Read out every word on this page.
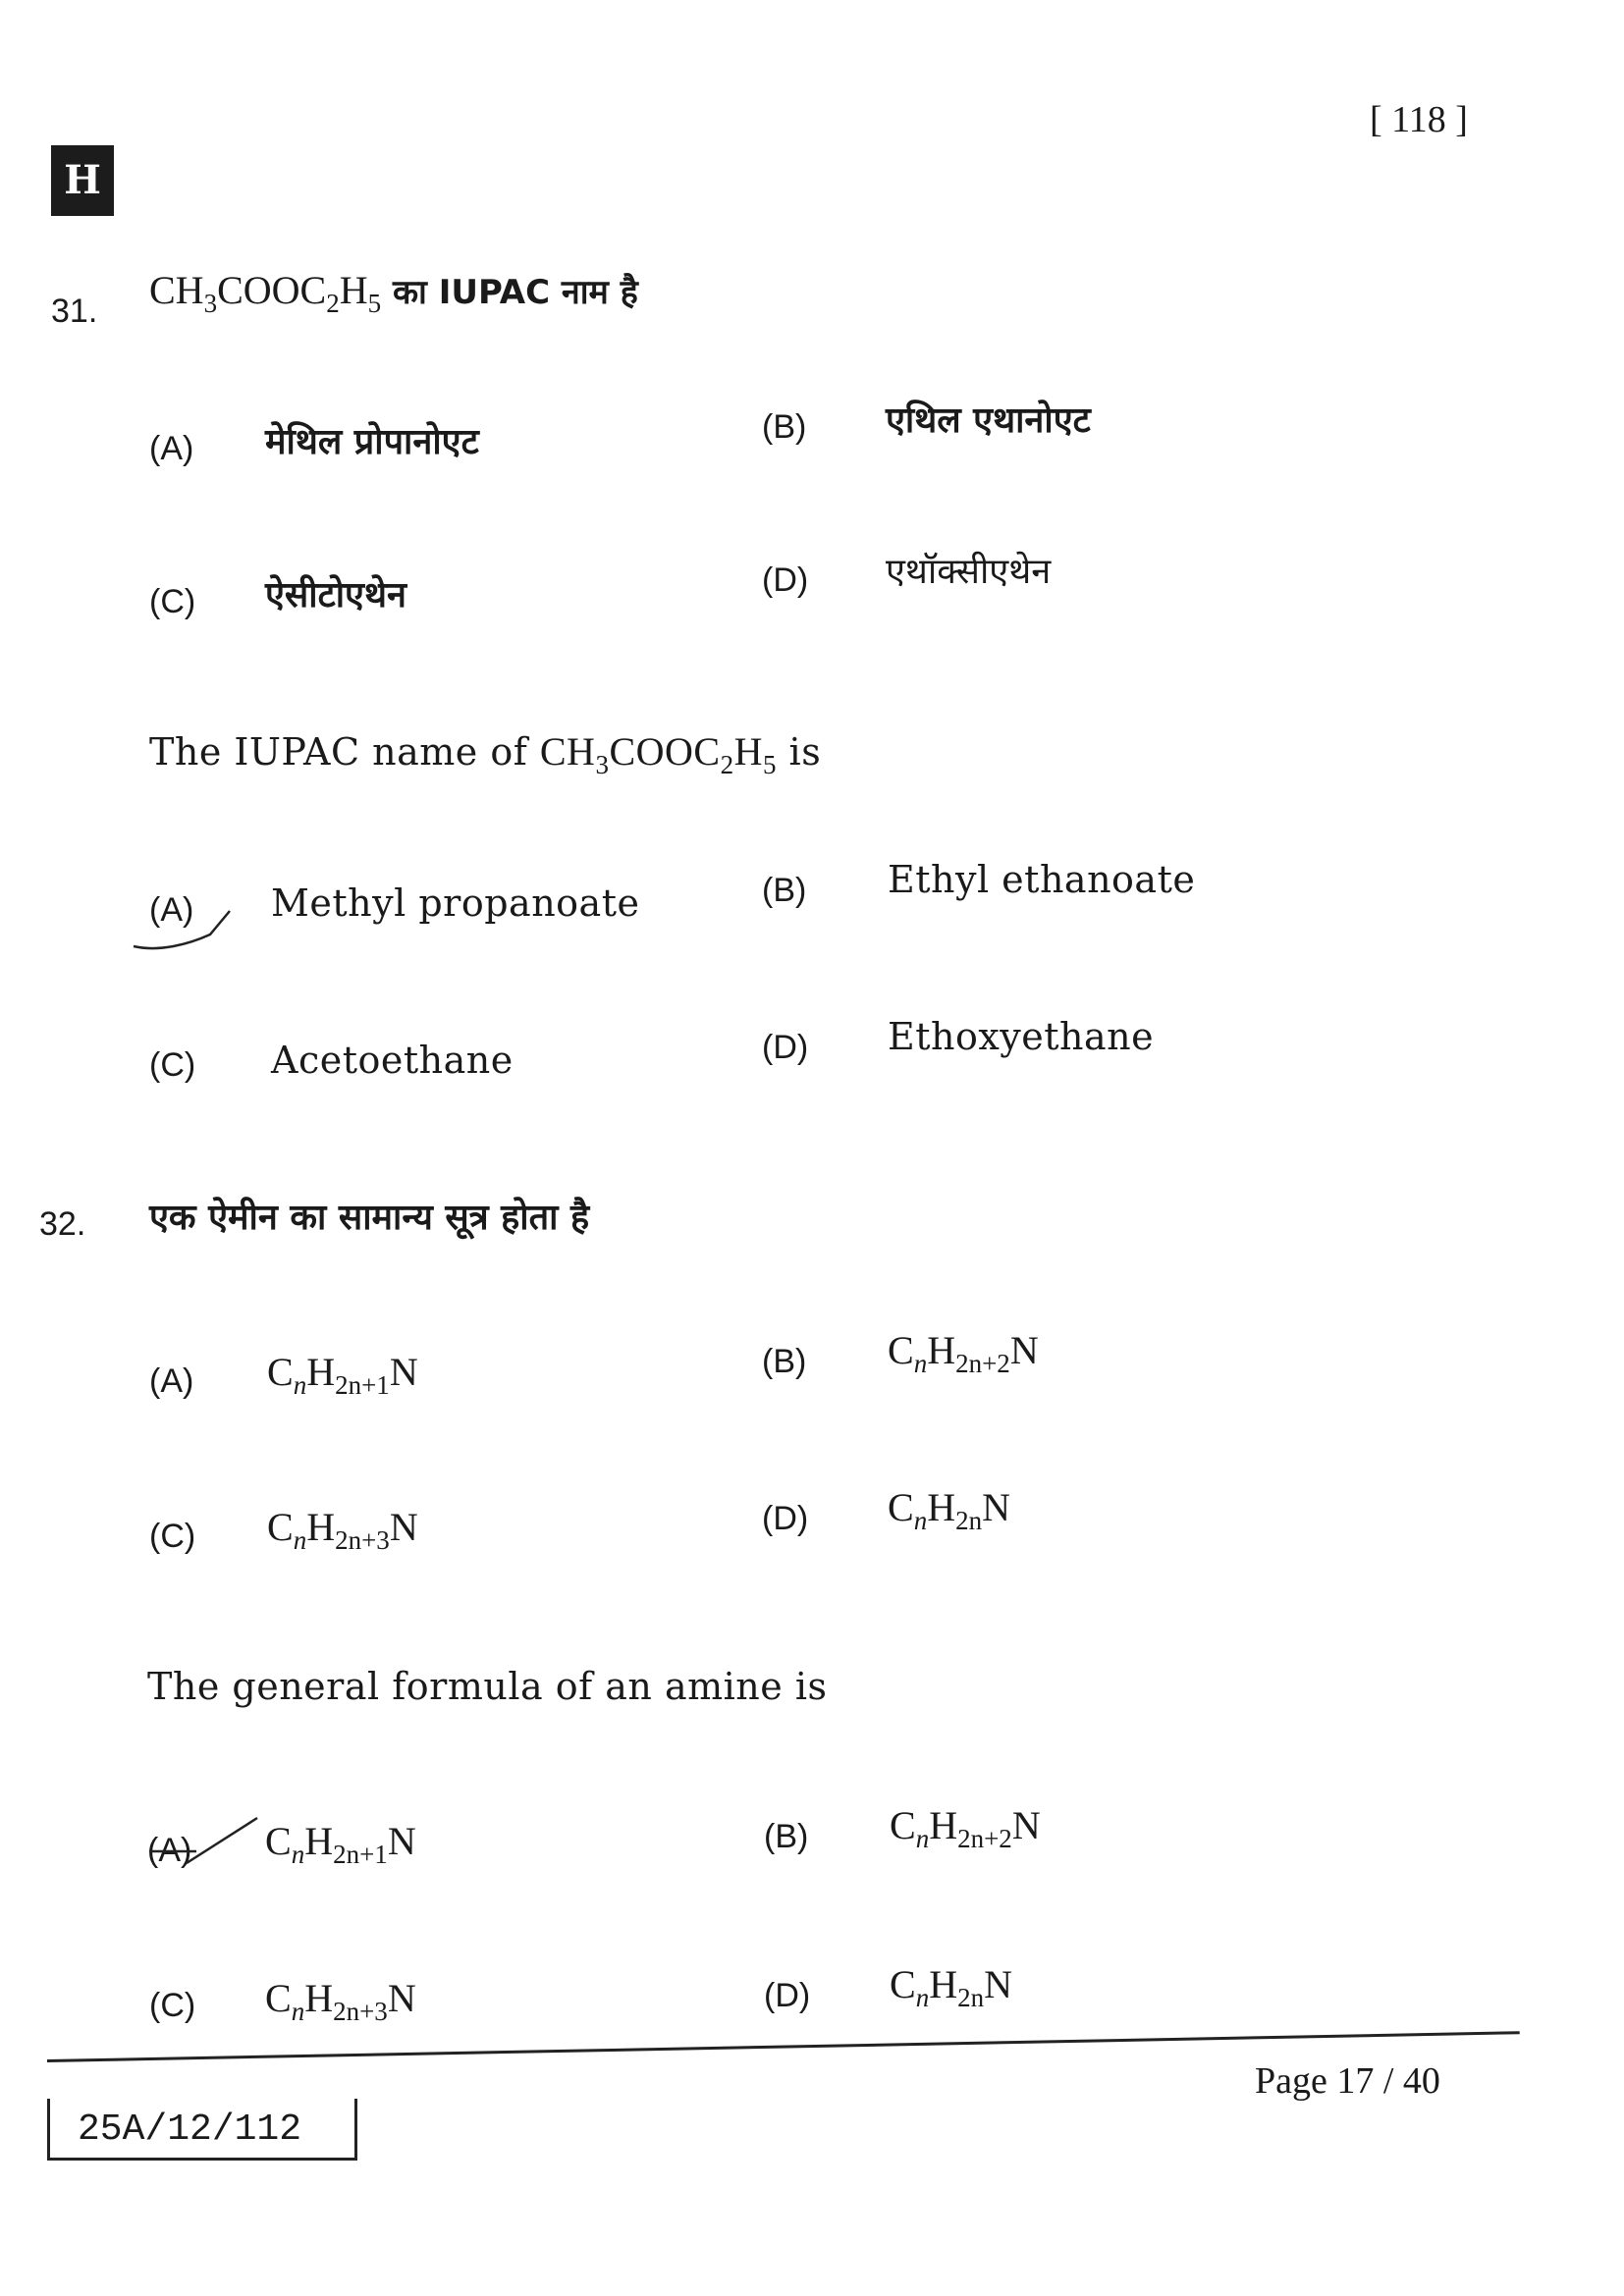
[ 118 ]
H
31. $CH_3COOC_2H_5$ का IUPAC नाम है
(A) मेथिल प्रोपानोएट	(B) एथिल एथानोएट
(C) ऐसीटोएथेन	(D) एथॉक्सीएथेन
The IUPAC name of $CH_3COOC_2H_5$ is
(A) Methyl propanoate	(B) Ethyl ethanoate
(C) Acetoethane	(D) Ethoxyethane
32. एक ऐमीन का सामान्य सूत्र होता है
(A) $C_nH_{2n+1}N$	(B) $C_nH_{2n+2}N$
(C) $C_nH_{2n+3}N$	(D) $C_nH_{2n}N$
The general formula of an amine is
(A) $C_nH_{2n+1}N$	(B) $C_nH_{2n+2}N$
(C) $C_nH_{2n+3}N$	(D) $C_nH_{2n}N$
Page 17 / 40
25A/12/112
